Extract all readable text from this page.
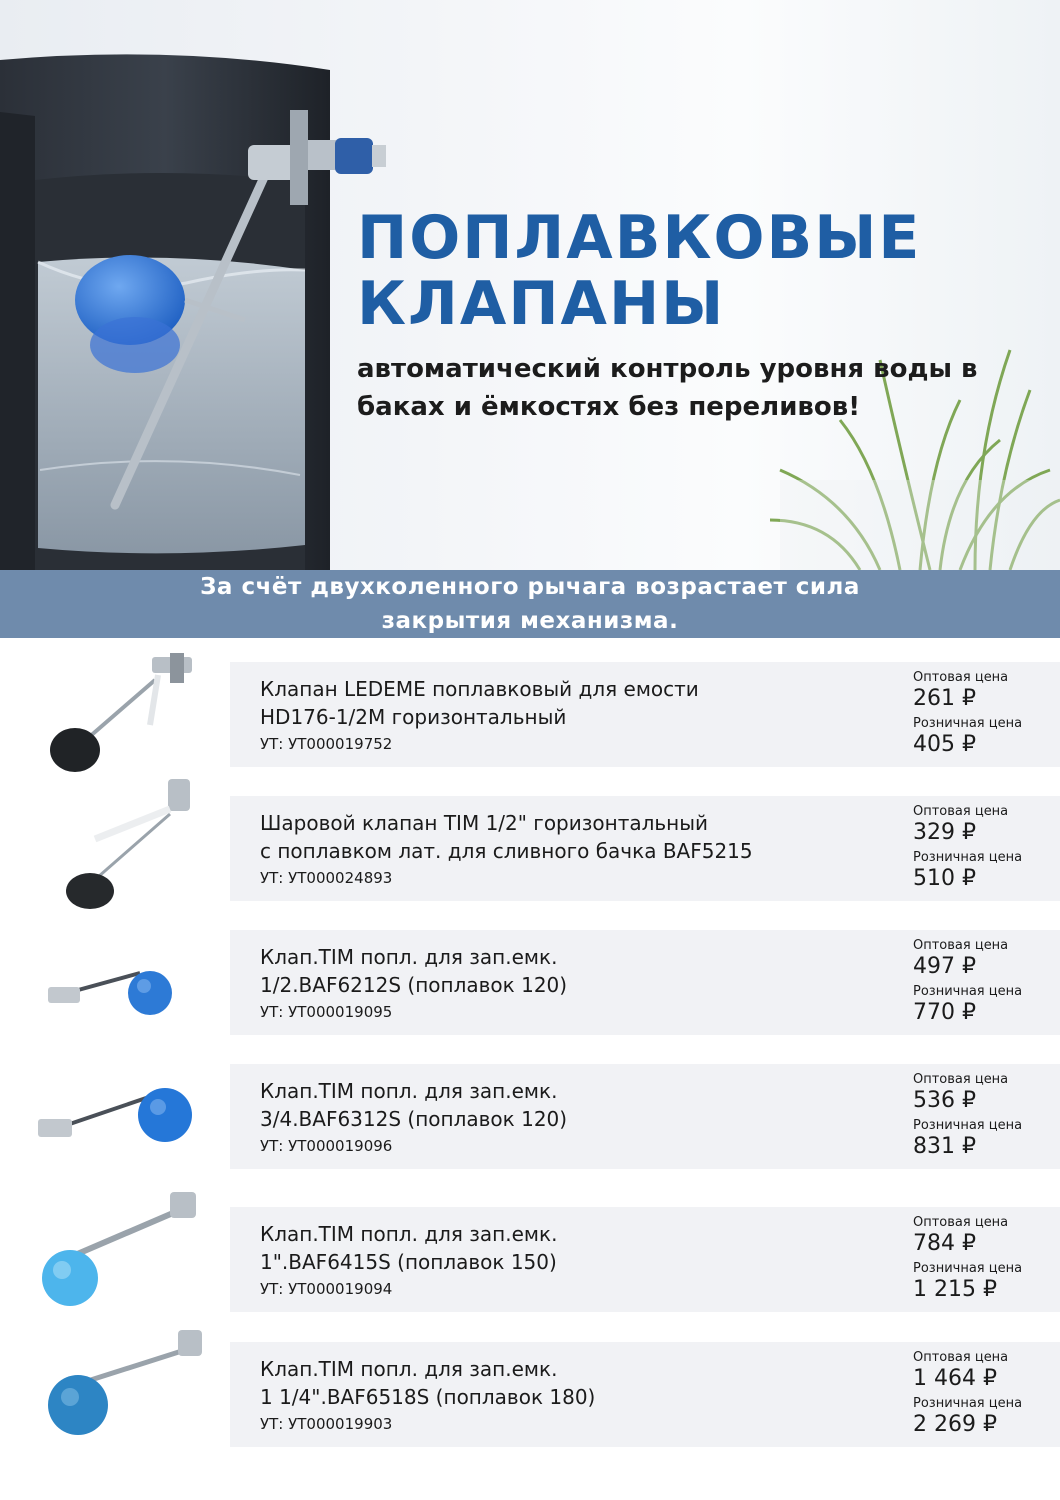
ПОПЛАВКОВЫЕ
КЛАПАНЫ

автоматический контроль уровня воды в баках и ёмкостях без переливов!

За счёт двухколенного рычага возрастает сила закрытия механизма.
Клапан LEDEME поплавковый для емости
HD176-1/2M горизонтальный
УТ: УТ000019752
Оптовая цена
261 ₽
Розничная цена
405 ₽
Шаровой клапан TIM 1/2" горизонтальный
с поплавком лат. для сливного бачка BAF5215
УТ: УТ000024893
Оптовая цена
329 ₽
Розничная цена
510 ₽
Клап.TIM попл. для зап.емк.
1/2.BAF6212S (поплавок 120)
УТ: УТ000019095
Оптовая цена
497 ₽
Розничная цена
770 ₽
Клап.TIM попл. для зап.емк.
3/4.BAF6312S (поплавок 120)
УТ: УТ000019096
Оптовая цена
536 ₽
Розничная цена
831 ₽
Клап.TIM попл. для зап.емк.
1".BAF6415S (поплавок 150)
УТ: УТ000019094
Оптовая цена
784 ₽
Розничная цена
1 215 ₽
Клап.TIM попл. для зап.емк.
1 1/4".BAF6518S (поплавок 180)
УТ: УТ000019903
Оптовая цена
1 464 ₽
Розничная цена
2 269 ₽
